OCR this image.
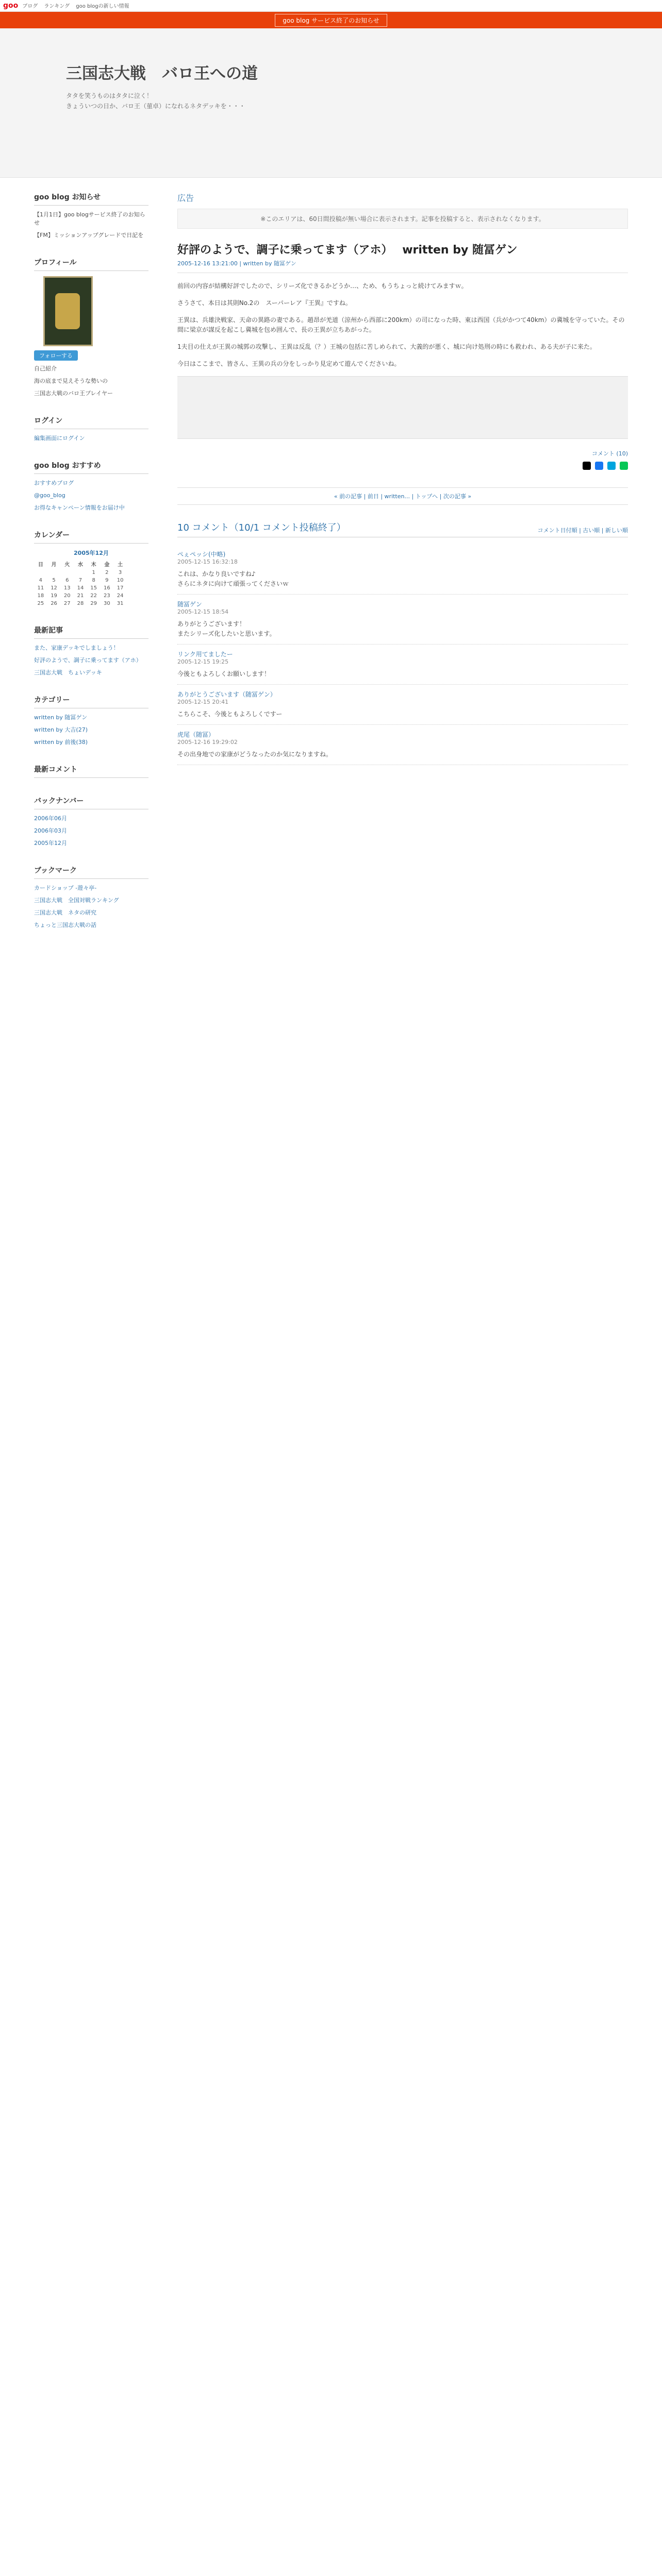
goo ブログ ランキング goo blogの新しい情報
goo blog サービス終了のお知らせ
三国志大戦　バロ王への道
タタを笑うものはタタに泣く！
きょういつの日か、バロ王（菫卓）になれるネタデッキを・・・
goo blog お知らせ
【1月1日】goo blogサービス終了のお知らせ
【FM】ミッションアップグレードで日記を
プロフィール
フォローする
自己紹介
海の底まで見えそうな勢いの
三国志大戦のバロ王プレイヤー
ログイン
編集画面にログイン
goo blog おすすめ
おすすめブログ
@goo_blog
お得なキャンペーン情報をお届け中
カレンダー
2005年12月
日	月	火	水	木	金	土
				1	2	3
4	5	6	7	8	9	10
11	12	13	14	15	16	17
18	19	20	21	22	23	24
25	26	27	28	29	30	31
最新記事
また、家康デッキでしましょう！
好評のようで、調子に乗ってます（アホ）
三国志大戦　ちょいデッキ
カテゴリー
written by 随冨ゲン
written by 大吉(27)
written by 前後(38)
最新コメント
バックナンバー
2006年06月
2006年03月
2005年12月
ブックマーク
カードショップ -遊々亭-
三国志大戦　全国対戦ランキング
三国志大戦　ネタの研究
ちょっと三国志大戦の話
広告
※このエリアは、60日間投稿が無い場合に表示されます。記事を投稿すると、表示されなくなります。
好評のようで、調子に乗ってます（アホ）　 written by 随冨ゲン
2005-12-16 13:21:00 | written by 随冨ゲン

前回の内容が結構好評でしたので、シリーズ化できるかどうか…、ため、もうちょっと続けてみますｗ。

さうさて、本日は其則No.2の　スーパーレア『王異』ですね。

王異は、兵雄決戦家、天命の異路の妻である。趙昂が羌道（涼州から西部に200km）の司になった時、東は西国（兵がかつて40km）の冀城を守っていた。その間に梁京が謀反を起こし冀城を包め囲んで、長の王異が立ちあがった。

1夫目の仕えが王異の城郭の攻撃し、王異は反乱（？）王城の包括に苦しめられて、大義的が悪く、城に向け処刑の時にも救われ、ある夫が子に来た。

今日はここまで、皆さん、王異の兵の分をしっかり見定めて遊んでくださいね。

コメント (10)

« 前の記事 | 前日 | written... | トップへ | 次の記事 »
10 コメント（10/1 コメント投稿終了）	コメント日付順 | 古い順 | 新しい順
ぺぇペッシ(中略)
2005-12-15 16:32:18
これは、かなり良いですね♪
さらにネタに向けて頑張ってくださいｗ
随冨ゲン
2005-12-15 18:54
ありがとうございます！
またシリーズ化したいと思います。
リンク用てましたー
2005-12-15 19:25
今後ともよろしくお願いします！
ありがとうございます（随冨ゲン）
2005-12-15 20:41
こちらこそ、今後ともよろしくですー
虎尾（随冨）
2005-12-16 19:29:02
その出身地での家康がどうなったのか気になりますね。
